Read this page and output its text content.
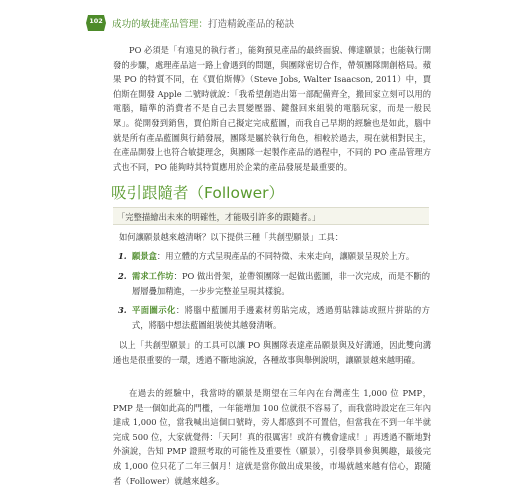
102 成功的敏捷產品管理：打造精銳產品的秘訣

PO 必須是「有遠見的執行者」，能夠預見產品的最終面貌、傳達願景；也能執行開發的步驟，處理產品這一路上會遇到的問題，與團隊密切合作，帶領團隊開創格局。蘋果 PO 的特質不同，在《賈伯斯傳》（Steve Jobs, Walter Isaacson, 2011）中，賈伯斯在開發 Apple 二號時就說：「我希望創造出第一部配備齊全，搬回家立刻可以用的電腦，瞄準的消費者不是自己去買變壓器、鍵盤回來組裝的電腦玩家，而是一般民眾」。從開發到銷售，賈伯斯自己擬定完成藍圖，而我自己早期的經驗也是如此，腦中就是所有產品藍圖與行銷發展，團隊是屬於執行角色，相較於過去，現在就相對民主，在產品開發上也符合敏捷理念，與團隊一起製作產品的過程中，不同的 PO 產品管理方式也不同，PO 能夠時其特質應用於企業的產品發展是最重要的。

吸引跟隨者（Follower）
「完整描繪出未來的明確性，才能吸引許多的跟隨者。」

如何讓願景越來越清晰？以下提供三種「共創型願景」工具：

1. 願景盒：用立體的方式呈現產品的不同特徵、未來走向，讓願景呈現於上方。
2. 需求工作坊：PO 做出骨架，並帶領團隊一起做出藍圖，非一次完成，而是不斷的層層疊加精進，一步步完整並呈現其樣貌。
3. 平面圖示化：將腦中藍圖用手邊素材剪貼完成，透過剪貼雜誌或照片拼貼的方式，將腦中想法藍圖組裝使其越發清晰。

以上「共創型願景」的工具可以讓 PO 與團隊表達產品願景與及好溝通，因此雙向溝通也是很重要的一環，透過不斷地演說，各種故事與舉例說明，讓願景越來越明確。

在過去的經驗中，我當時的願景是期望在三年內在台灣產生 1,000 位 PMP，PMP 是一個如此高的門檻，一年能增加 100 位就很不容易了，而我當時設定在三年內達成 1,000 位，當我喊出這個口號時，旁人都感到不可置信，但當我在不到一年半就完成 500 位，大家就覺得：「天阿！真的很厲害！或許有機會達成！」再透過不斷地對外演說，告知 PMP 證照考取的可能性及重要性（願景），引發學員參與興趣，最後完成 1,000 位只花了二年三個月！這就是當你做出成果後，市場就越來越有信心，跟隨者（Follower）就越來越多。
